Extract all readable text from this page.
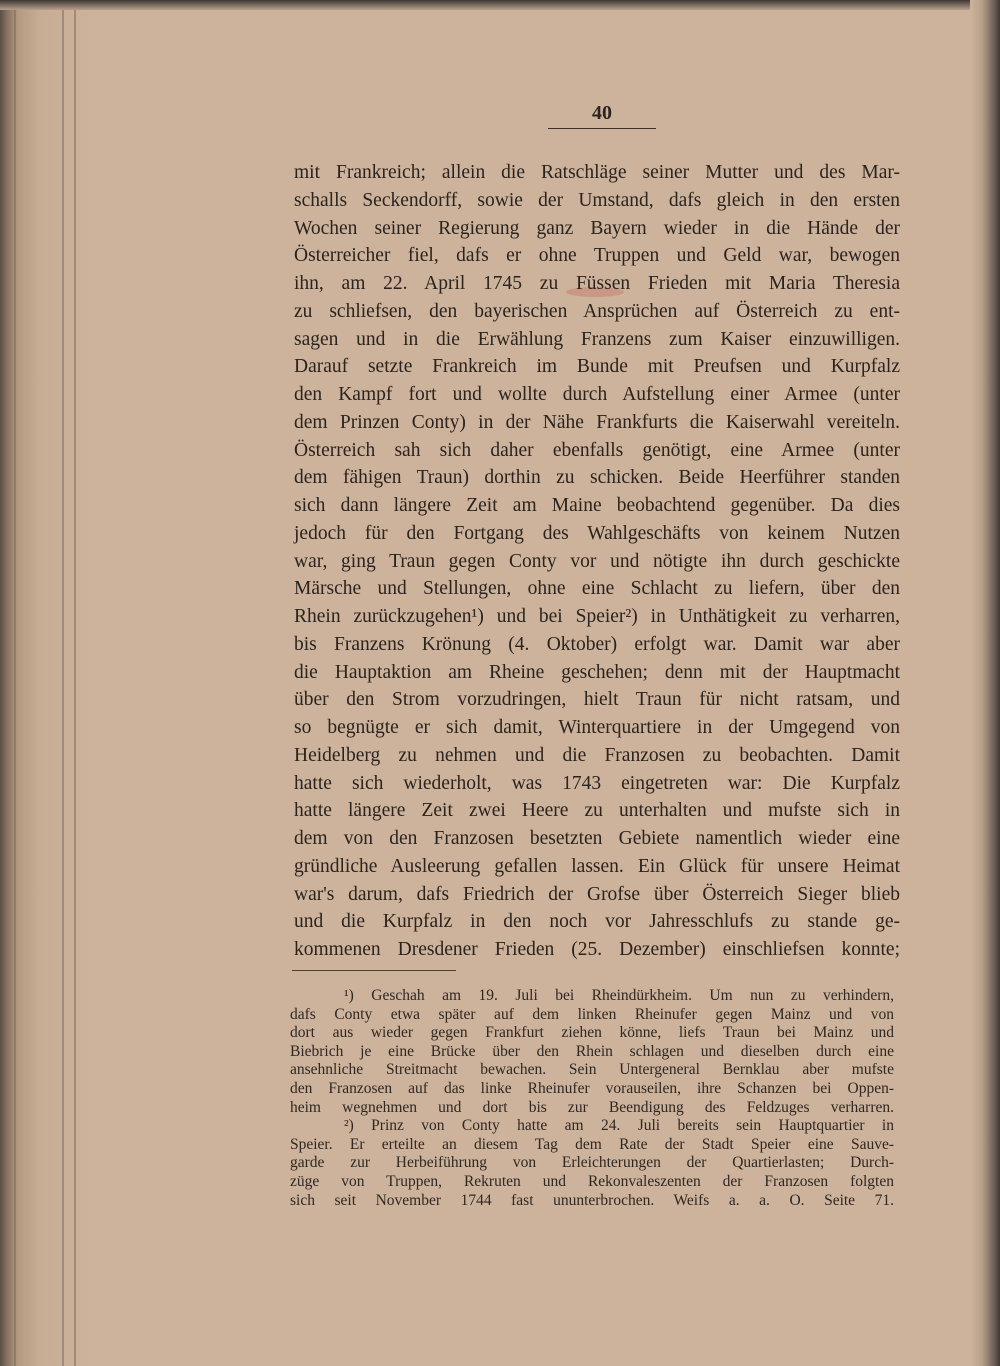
40
mit Frankreich; allein die Ratschläge seiner Mutter und des Mar-
schalls Seckendorff, sowie der Umstand, dafs gleich in den ersten
Wochen seiner Regierung ganz Bayern wieder in die Hände der
Österreicher fiel, dafs er ohne Truppen und Geld war, bewogen
ihn, am 22. April 1745 zu Füssen Frieden mit Maria Theresia
zu schliefsen, den bayerischen Ansprüchen auf Österreich zu ent-
sagen und in die Erwählung Franzens zum Kaiser einzuwilligen.
Darauf setzte Frankreich im Bunde mit Preufsen und Kurpfalz
den Kampf fort und wollte durch Aufstellung einer Armee (unter
dem Prinzen Conty) in der Nähe Frankfurts die Kaiserwahl vereiteln.
Österreich sah sich daher ebenfalls genötigt, eine Armee (unter
dem fähigen Traun) dorthin zu schicken. Beide Heerführer standen
sich dann längere Zeit am Maine beobachtend gegenüber. Da dies
jedoch für den Fortgang des Wahlgeschäfts von keinem Nutzen
war, ging Traun gegen Conty vor und nötigte ihn durch geschickte
Märsche und Stellungen, ohne eine Schlacht zu liefern, über den
Rhein zurückzugehen¹) und bei Speier²) in Unthätigkeit zu verharren,
bis Franzens Krönung (4. Oktober) erfolgt war. Damit war aber
die Hauptaktion am Rheine geschehen; denn mit der Hauptmacht
über den Strom vorzudringen, hielt Traun für nicht ratsam, und
so begnügte er sich damit, Winterquartiere in der Umgegend von
Heidelberg zu nehmen und die Franzosen zu beobachten. Damit
hatte sich wiederholt, was 1743 eingetreten war: Die Kurpfalz
hatte längere Zeit zwei Heere zu unterhalten und mufste sich in
dem von den Franzosen besetzten Gebiete namentlich wieder eine
gründliche Ausleerung gefallen lassen. Ein Glück für unsere Heimat
war's darum, dafs Friedrich der Grofse über Österreich Sieger blieb
und die Kurpfalz in den noch vor Jahresschlufs zu stande ge-
kommenen Dresdener Frieden (25. Dezember) einschliefsen konnte;
¹) Geschah am 19. Juli bei Rheindürkheim. Um nun zu verhindern,
dafs Conty etwa später auf dem linken Rheinufer gegen Mainz und von
dort aus wieder gegen Frankfurt ziehen könne, liefs Traun bei Mainz und
Biebrich je eine Brücke über den Rhein schlagen und dieselben durch eine
ansehnliche Streitmacht bewachen. Sein Untergeneral Bernklau aber mufste
den Franzosen auf das linke Rheinufer vorauseilen, ihre Schanzen bei Oppen-
heim wegnehmen und dort bis zur Beendigung des Feldzuges verharren.
²) Prinz von Conty hatte am 24. Juli bereits sein Hauptquartier in
Speier. Er erteilte an diesem Tag dem Rate der Stadt Speier eine Sauve-
garde zur Herbeiführung von Erleichterungen der Quartierlasten; Durch-
züge von Truppen, Rekruten und Rekonvaleszenten der Franzosen folgten
sich seit November 1744 fast ununterbrochen. Weifs a. a. O. Seite 71.
